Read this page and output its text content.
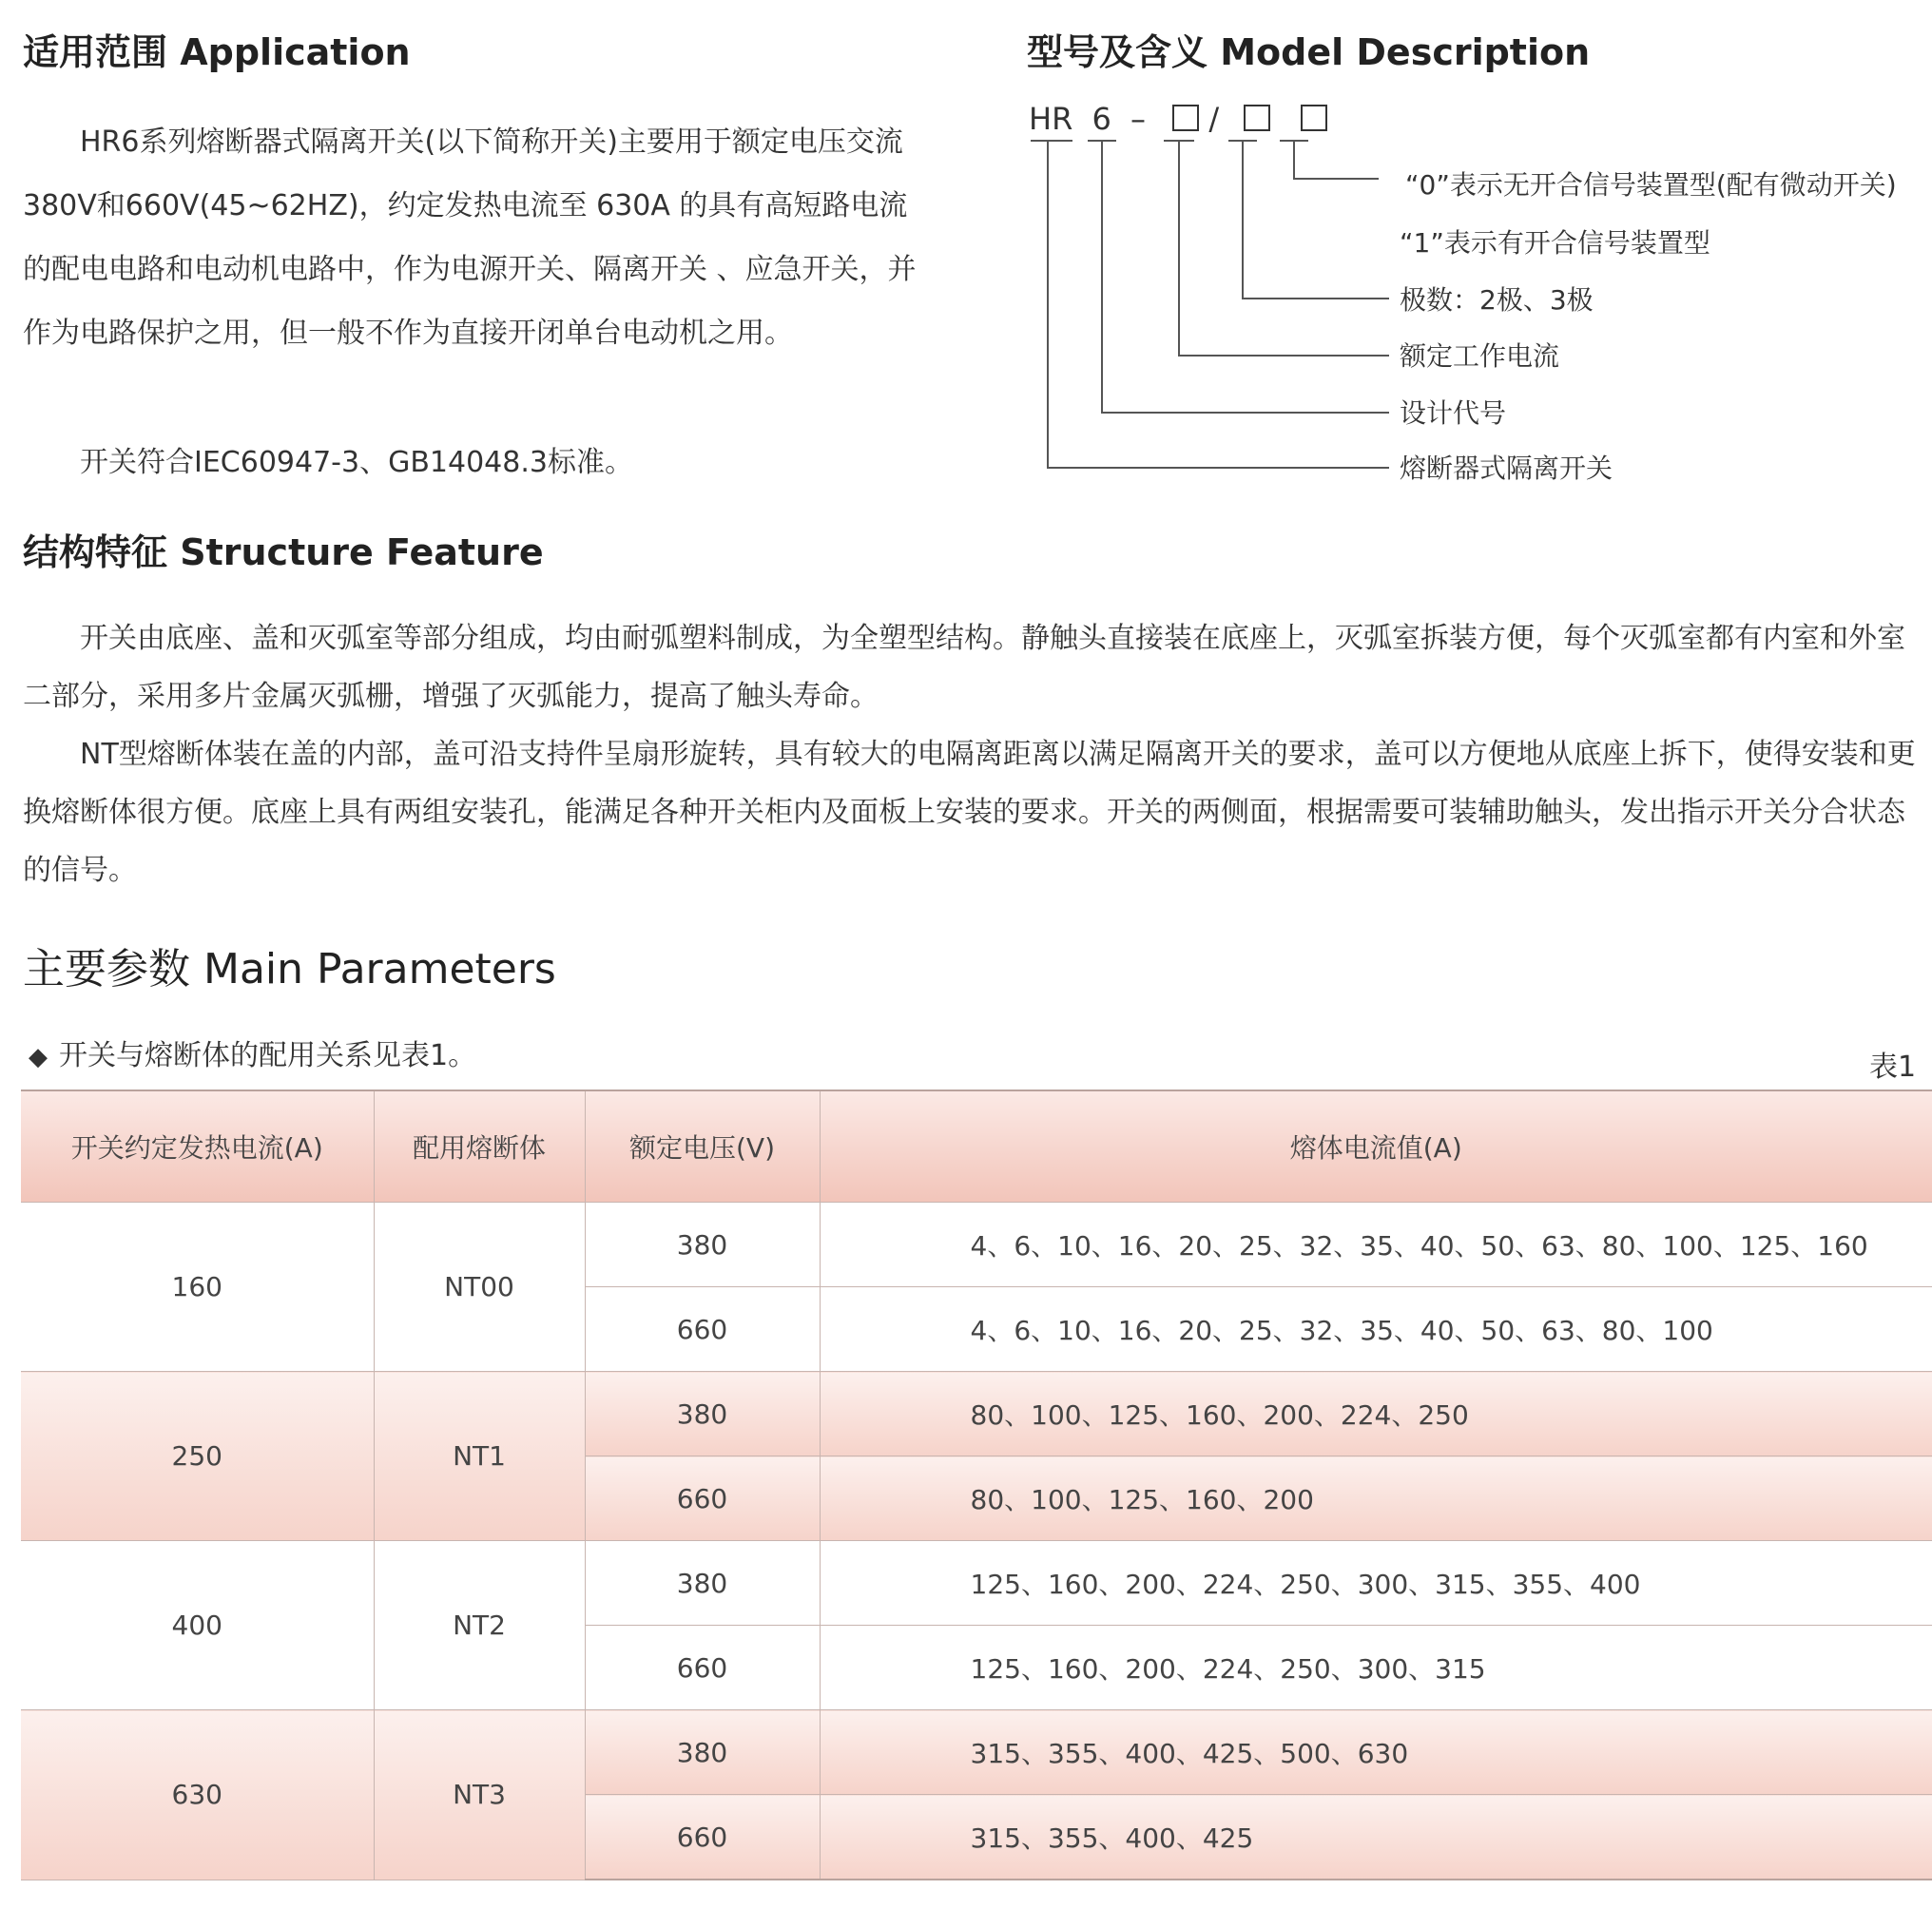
适用范围 Application

HR6系列熔断器式隔离开关(以下简称开关)主要用于额定电压交流380V和660V(45~62HZ)，约定发热电流至 630A 的具有高短路电流的配电电路和电动机电路中，作为电源开关、隔离开关 、应急开关，并作为电路保护之用，但一般不作为直接开闭单台电动机之用。

开关符合IEC60947-3、GB14048.3标准。

型号及含义 Model Description
HR 6 – /
“0”表示无开合信号装置型(配有微动开关)
“1”表示有开合信号装置型
极数：2极、3极
额定工作电流
设计代号
熔断器式隔离开关
结构特征 Structure Feature

开关由底座、盖和灭弧室等部分组成，均由耐弧塑料制成，为全塑型结构。静触头直接装在底座上，灭弧室拆装方便，每个灭弧室都有内室和外室二部分，采用多片金属灭弧栅，增强了灭弧能力，提高了触头寿命。

NT型熔断体装在盖的内部，盖可沿支持件呈扇形旋转，具有较大的电隔离距离以满足隔离开关的要求，盖可以方便地从底座上拆下，使得安装和更换熔断体很方便。底座上具有两组安装孔，能满足各种开关柜内及面板上安装的要求。开关的两侧面，根据需要可装辅助触头，发出指示开关分合状态的信号。

主要参数 Main Parameters
◆ 开关与熔断体的配用关系见表1。	表1
开关约定发热电流(A)	配用熔断体	额定电压(V)	熔体电流值(A)
160	NT00	380	4、6、10、16、20、25、32、35、40、50、63、80、100、125、160
		660	4、6、10、16、20、25、32、35、40、50、63、80、100
250	NT1	380	80、100、125、160、200、224、250
		660	80、100、125、160、200
400	NT2	380	125、160、200、224、250、300、315、355、400
		660	125、160、200、224、250、300、315
630	NT3	380	315、355、400、425、500、630
		660	315、355、400、425
